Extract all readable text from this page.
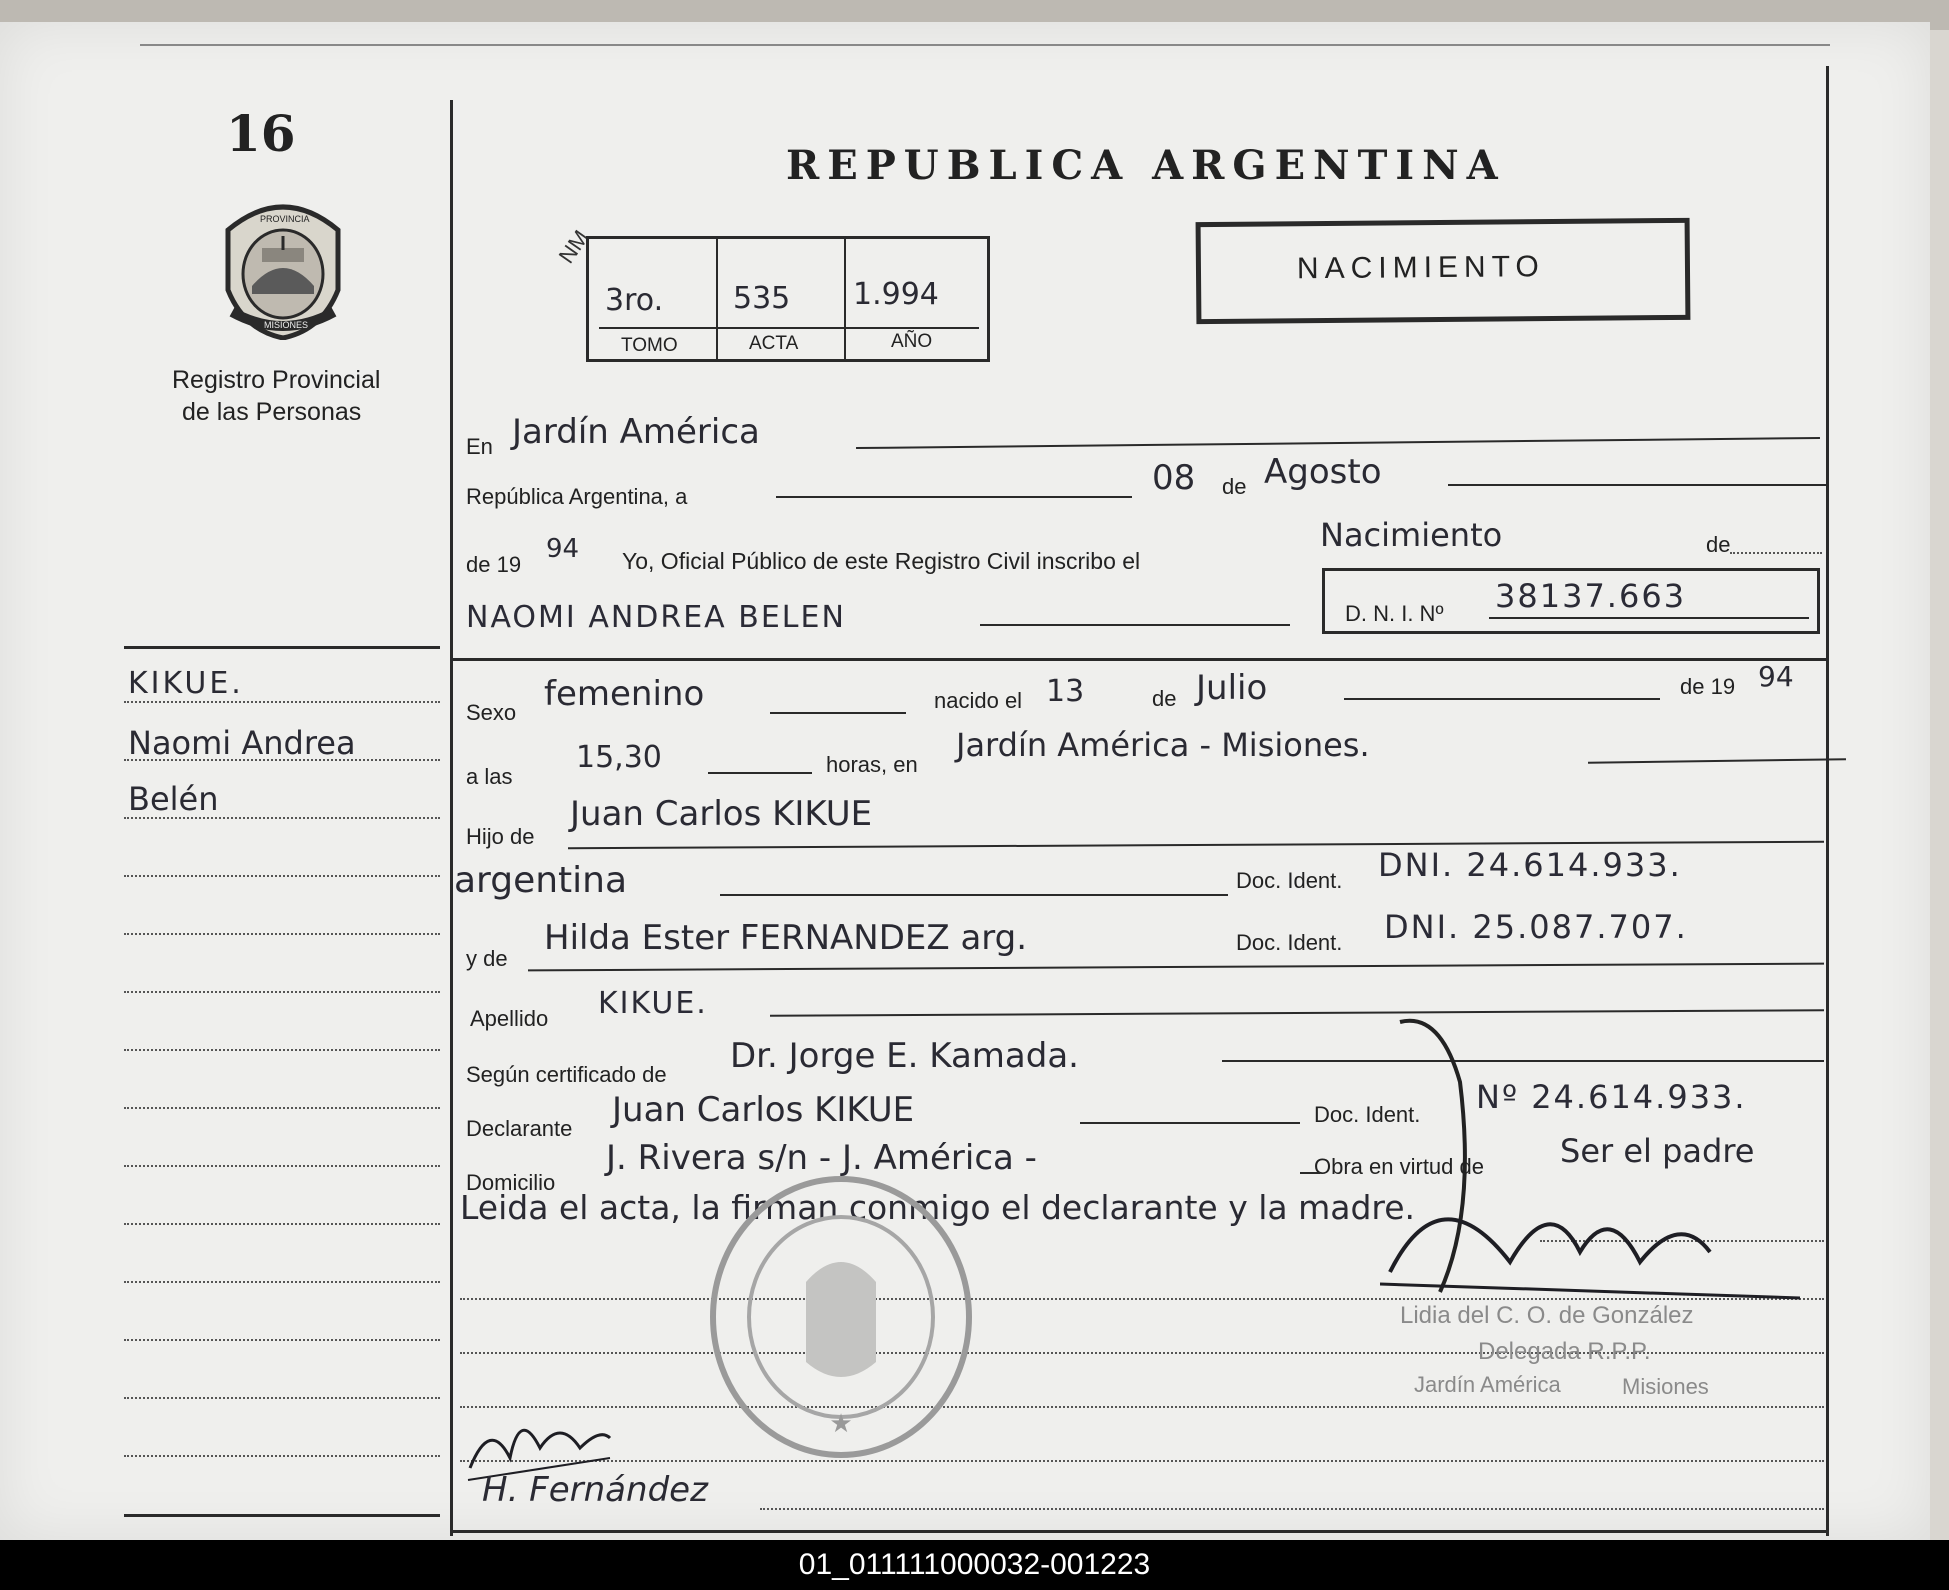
16
PROVINCIA
MISIONES
Registro Provincial
de las Personas
REPUBLICA ARGENTINA
NM
3ro. 535 1.994
TOMO	ACTA	AÑO
NACIMIENTO
KIKUE.
Naomi Andrea
Belén
En Jardín América
República Argentina, a	08 de Agosto
de 19
94 Yo, Oficial Público de este Registro Civil inscribo el
Nacimiento	de
NAOMI ANDREA BELEN	D. N. I. Nº 38137.663
Sexo femenino	nacido el 13	de Julio	de 19 94
a las
15,30	horas, en
Jardín América - Misiones.
Hijo de
Juan Carlos KIKUE
argentina	Doc. Ident. DNI. 24.614.933.
y de
Hilda Ester FERNANDEZ arg.	Doc. Ident. DNI. 25.087.707.
Apellido KIKUE.
Según certificado de Dr. Jorge E. Kamada.
Declarante Juan Carlos KIKUE	Doc. Ident. Nº 24.614.933.
Domicilio
J. Rivera s/n - J. América -	Obra en virtud de Ser el padre
Leida el acta, la firman conmigo el declarante y la madre.
★
Lidia del C. O. de González
Delegada R.P.P.
Jardín América	Misiones
H. Fernández
01_011111000032-001223
